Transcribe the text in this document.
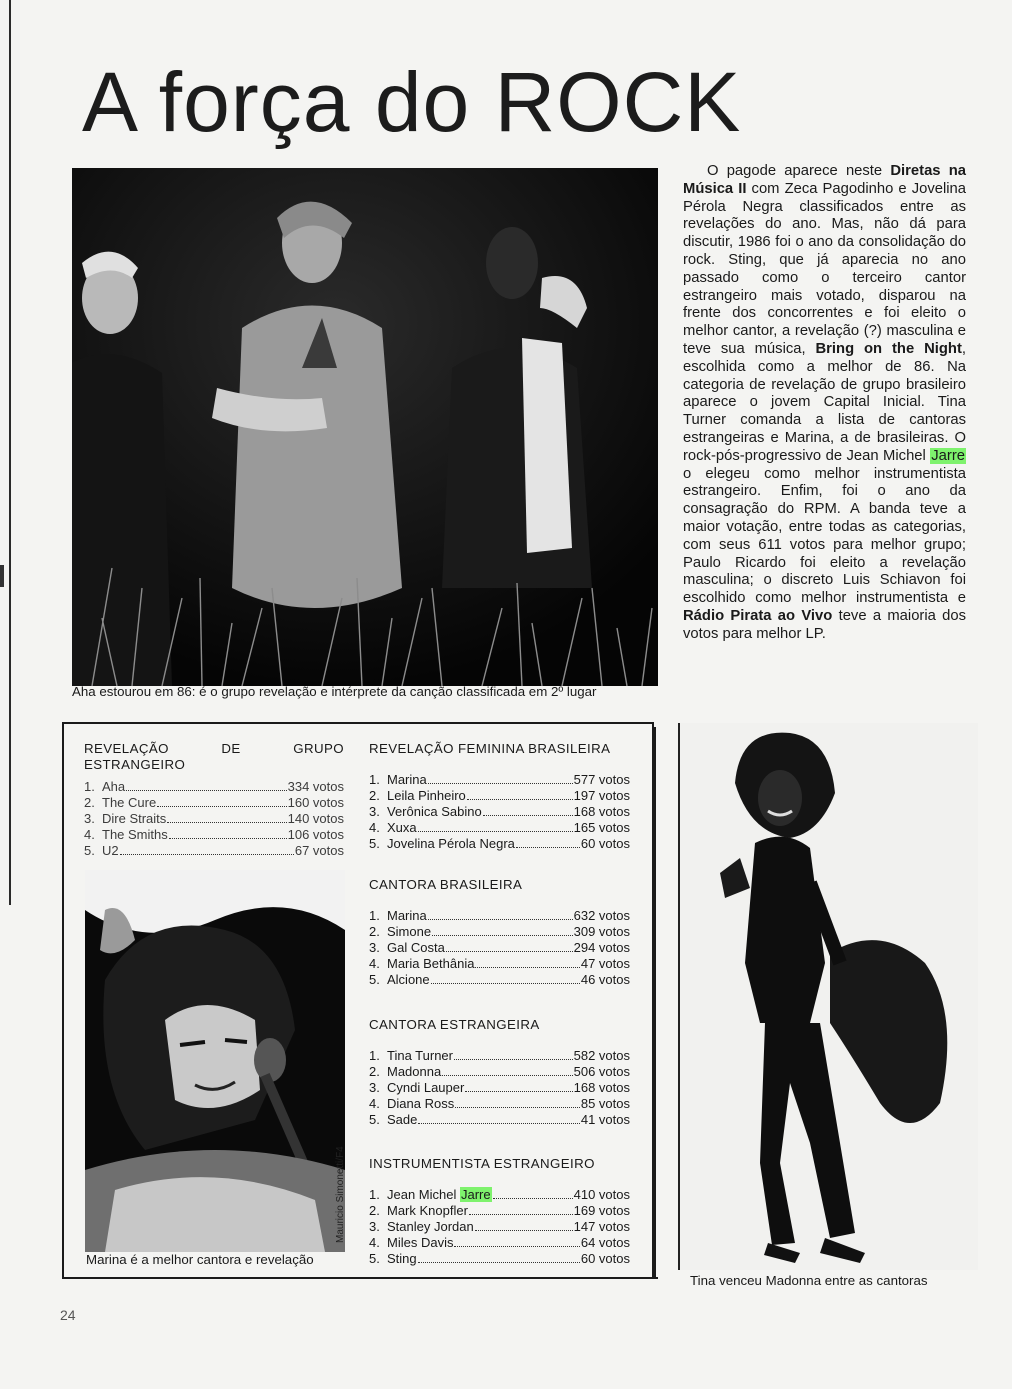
A força do ROCK
Aha estourou em 86: é o grupo revelação e intérprete da canção classificada em 2º lugar

O pagode aparece neste Diretas na Música II com Zeca Pagodinho e Jovelina Pérola Negra classificados entre as revelações do ano. Mas, não dá para discutir, 1986 foi o ano da consolidação do rock. Sting, que já aparecia no ano passado como o terceiro cantor estrangeiro mais votado, disparou na frente dos concorrentes e foi eleito o melhor cantor, a revelação (?) masculina e teve sua música, Bring on the Night, escolhida como a melhor de 86. Na categoria de revelação de grupo brasileiro aparece o jovem Capital Inicial. Tina Turner comanda a lista de cantoras estrangeiras e Marina, a de brasileiras. O rock-pós-progressivo de Jean Michel Jarre o elegeu como melhor instrumentista estrangeiro. Enfim, foi o ano da consagração do RPM. A banda teve a maior votação, entre todas as categorias, com seus 611 votos para melhor grupo; Paulo Ricardo foi eleito a revelação masculina; o discreto Luis Schiavon foi escolhido como melhor instrumentista e Rádio Pirata ao Vivo teve a maioria dos votos para melhor LP.

REVELAÇÃO DE GRUPO ESTRANGEIRO
1. Aha	334 votos
2. The Cure	160 votos
3. Dire Straits	140 votos
4. The Smiths	106 votos
5. U2	67 votos
Mauricio Simonetti/F4
Marina é a melhor cantora e revelação
REVELAÇÃO FEMININA BRASILEIRA
1. Marina	577 votos
2. Leila Pinheiro	197 votos
3. Verônica Sabino	168 votos
4. Xuxa	165 votos
5. Jovelina Pérola Negra	60 votos
CANTORA BRASILEIRA
1. Marina	632 votos
2. Simone	309 votos
3. Gal Costa	294 votos
4. Maria Bethânia	47 votos
5. Alcione	46 votos
CANTORA ESTRANGEIRA
1. Tina Turner	582 votos
2. Madonna	506 votos
3. Cyndi Lauper	168 votos
4. Diana Ross	85 votos
5. Sade	41 votos
INSTRUMENTISTA ESTRANGEIRO
1. Jean Michel Jarre	410 votos
2. Mark Knopfler	169 votos
3. Stanley Jordan	147 votos
4. Miles Davis	64 votos
5. Sting	60 votos
Tina venceu Madonna entre as cantoras
24
